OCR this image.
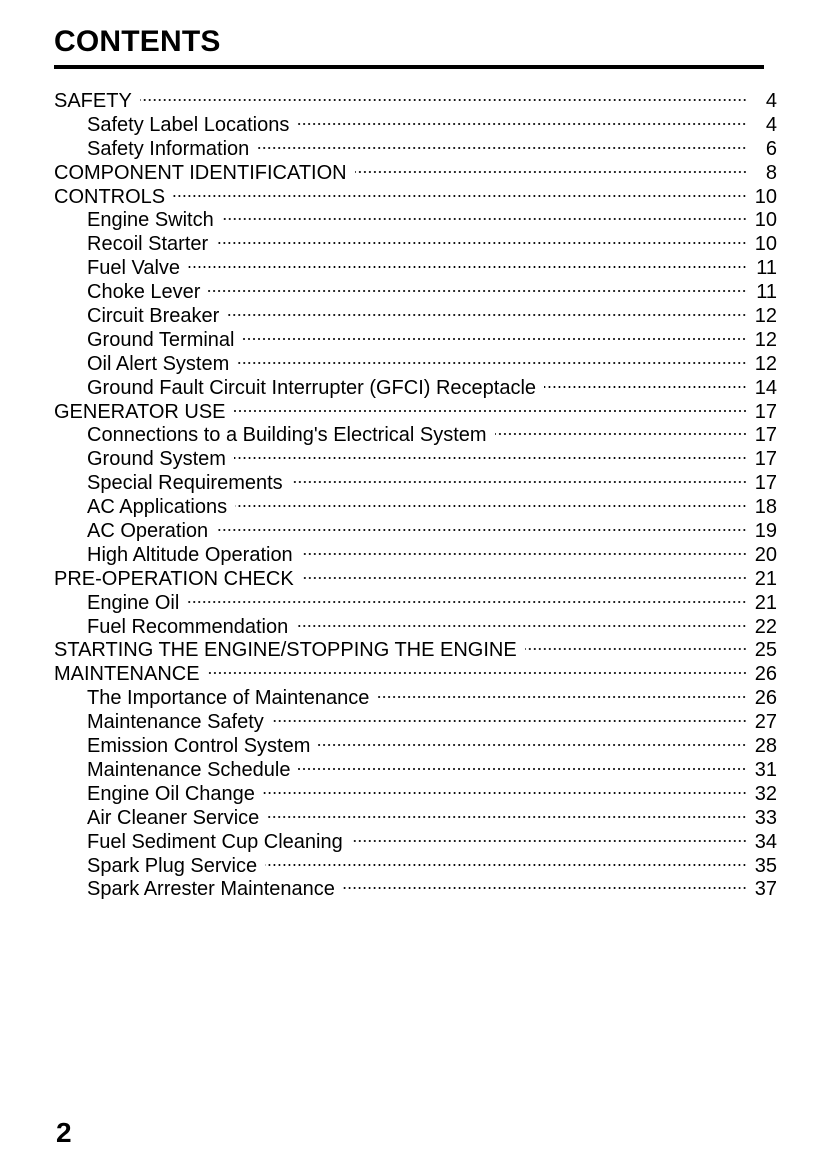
CONTENTS
SAFETY	4
Safety Label Locations	4
Safety Information	6
COMPONENT IDENTIFICATION	8
CONTROLS	10
Engine Switch	10
Recoil Starter	10
Fuel Valve	11
Choke Lever	11
Circuit Breaker	12
Ground Terminal	12
Oil Alert System	12
Ground Fault Circuit Interrupter (GFCI) Receptacle	14
GENERATOR USE	17
Connections to a Building's Electrical System	17
Ground System	17
Special Requirements	17
AC Applications	18
AC Operation	19
High Altitude Operation	20
PRE-OPERATION CHECK	21
Engine Oil	21
Fuel Recommendation	22
STARTING THE ENGINE/STOPPING THE ENGINE	25
MAINTENANCE	26
The Importance of Maintenance	26
Maintenance Safety	27
Emission Control System	28
Maintenance Schedule	31
Engine Oil Change	32
Air Cleaner Service	33
Fuel Sediment Cup Cleaning	34
Spark Plug Service	35
Spark Arrester Maintenance	37
2
